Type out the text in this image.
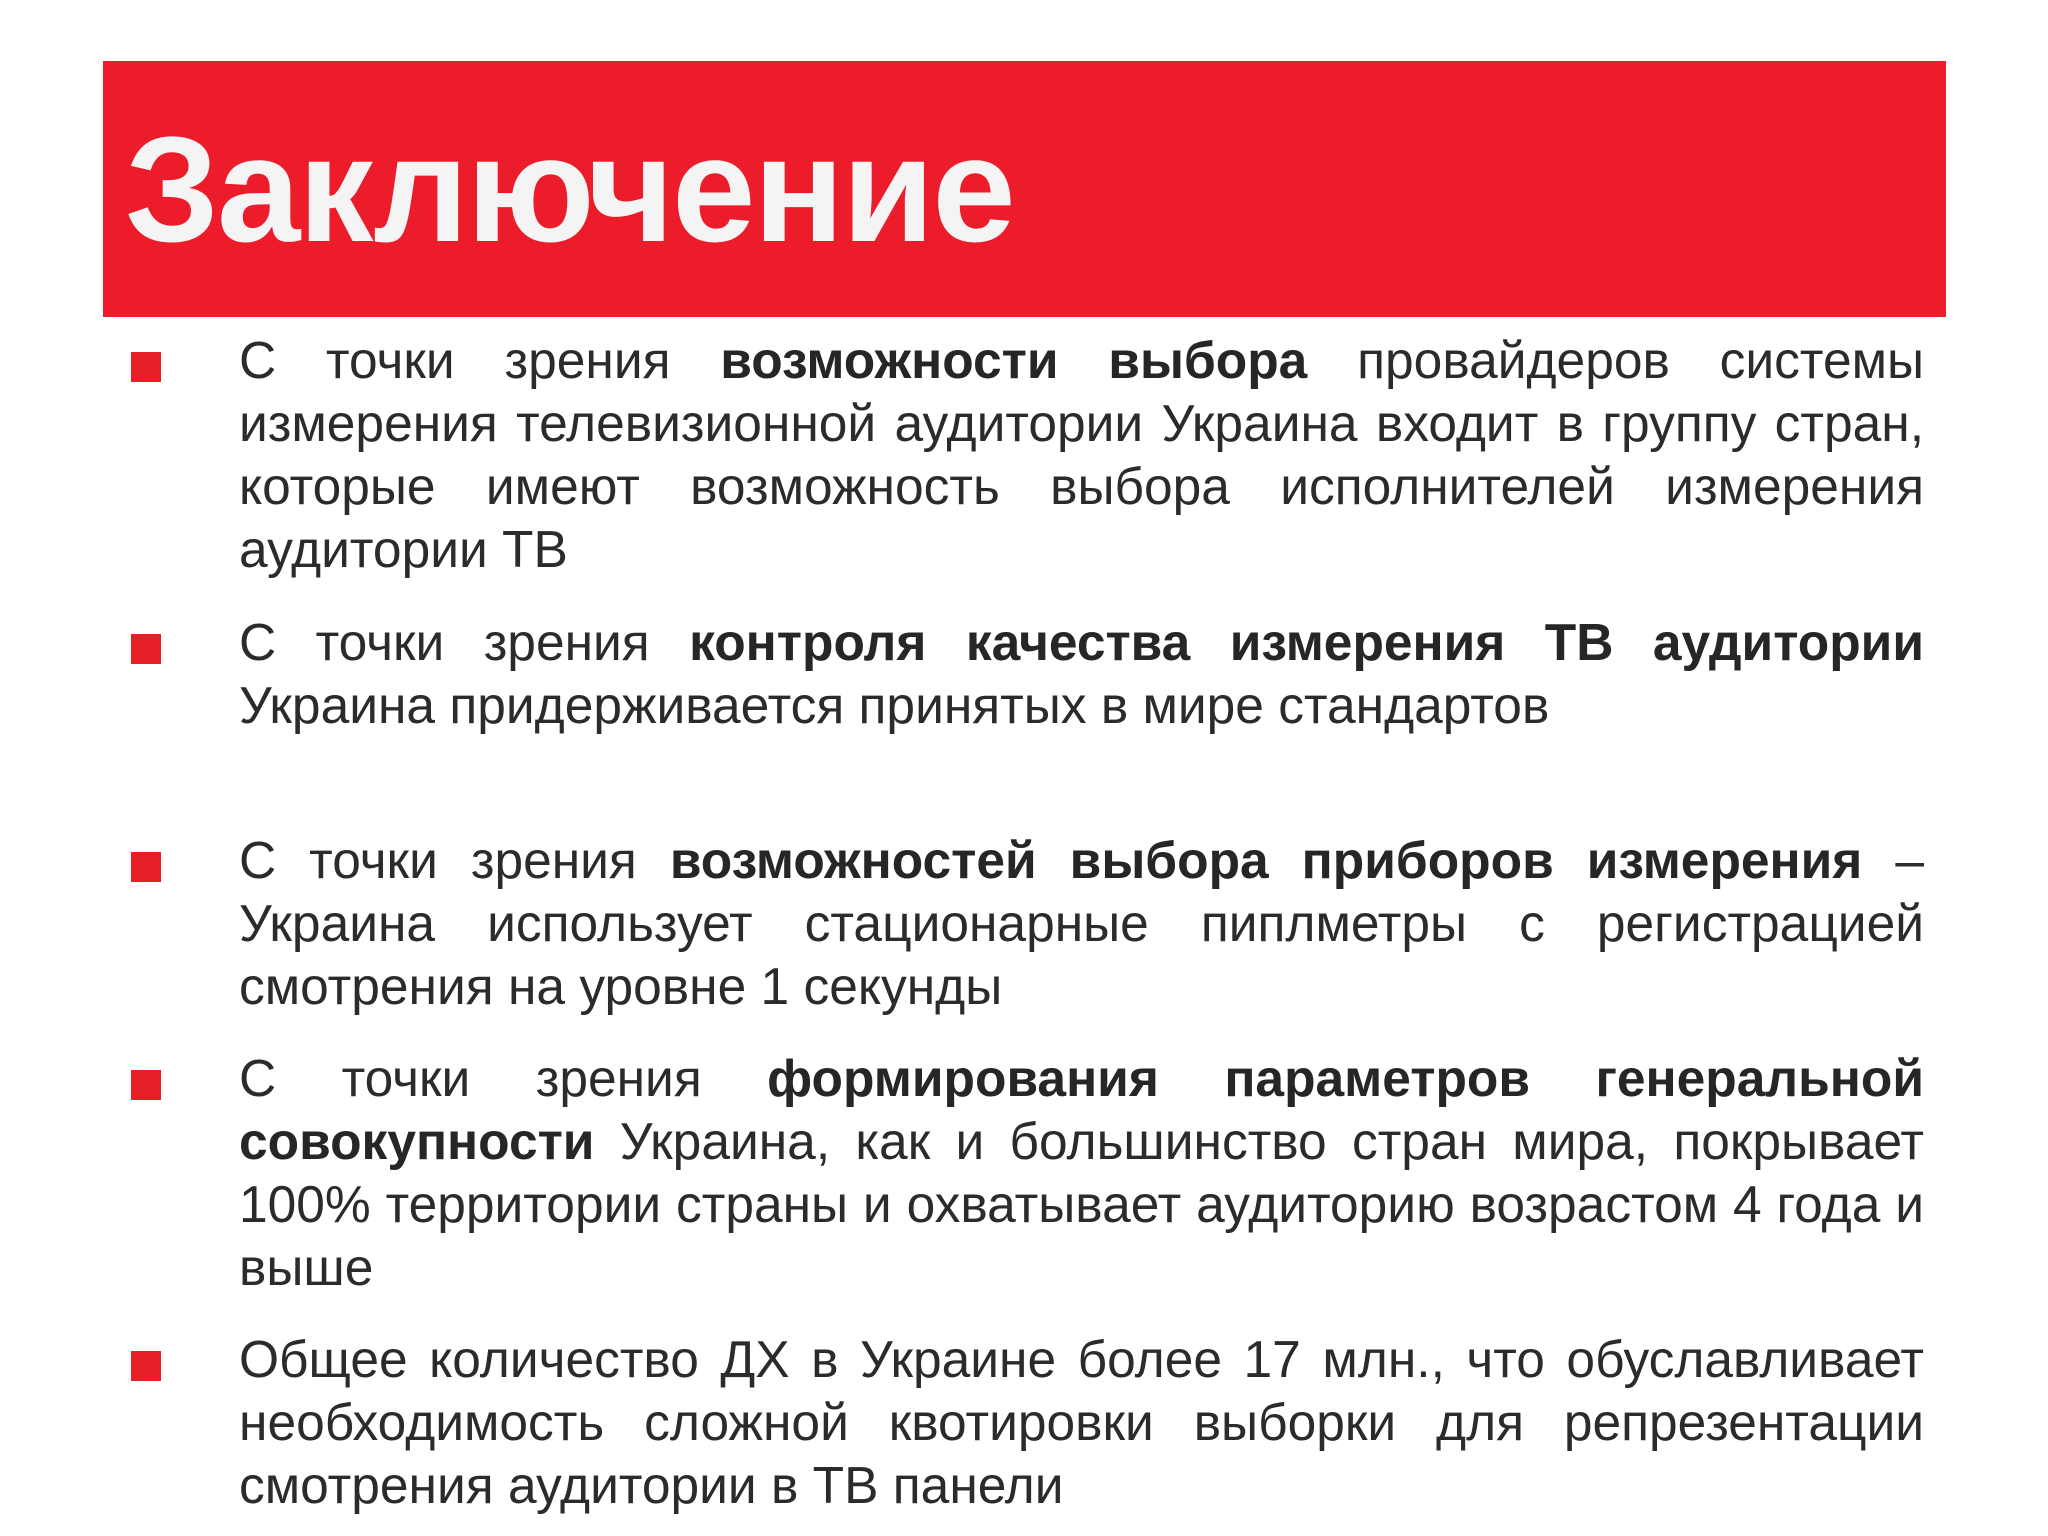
Заключение

С точки зрения возможности выбора провайдеров системы измерения телевизионной аудитории Украина входит в группу стран, которые имеют возможность выбора исполнителей измерения аудитории ТВ

С точки зрения контроля качества измерения ТВ аудитории Украина придерживается принятых в мире стандартов

С точки зрения возможностей выбора приборов измерения – Украина использует стационарные пиплметры с регистрацией смотрения на уровне 1 секунды

С точки зрения формирования параметров генеральной совокупности Украина, как и большинство стран мира, покрывает 100% территории страны и охватывает аудиторию возрастом 4 года и выше

Общее количество ДХ в Украине более 17 млн., что обуславливает необходимость сложной квотировки выборки для репрезентации смотрения аудитории в ТВ панели
